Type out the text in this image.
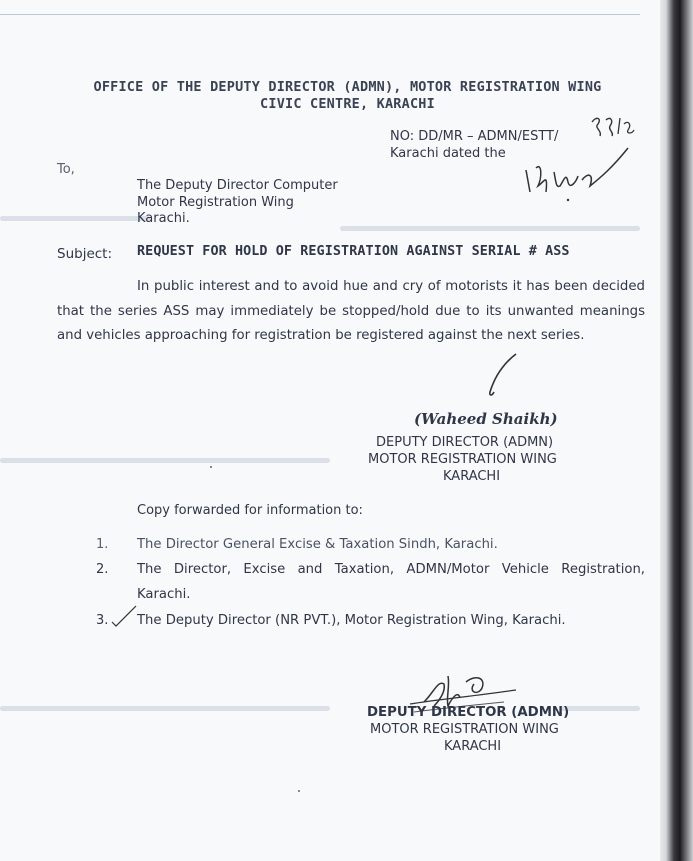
OFFICE OF THE DEPUTY DIRECTOR (ADMN), MOTOR REGISTRATION WING
CIVIC CENTRE, KARACHI
NO: DD/MR – ADMN/ESTT/
Karachi dated the
To,
The Deputy Director Computer
Motor Registration Wing
Karachi.
Subject: REQUEST FOR HOLD OF REGISTRATION AGAINST SERIAL # ASS
In public interest and to avoid hue and cry of motorists it has been decided that the series ASS may immediately be stopped/hold due to its unwanted meanings and vehicles approaching for registration be registered against the next series.
(Waheed Shaikh)
DEPUTY DIRECTOR (ADMN)
MOTOR REGISTRATION WING
KARACHI
Copy forwarded for information to:
1. The Director General Excise & Taxation Sindh, Karachi.
2. The Director, Excise and Taxation, ADMN/Motor Vehicle Registration, Karachi.
3. The Deputy Director (NR PVT.), Motor Registration Wing, Karachi.
DEPUTY DIRECTOR (ADMN)
MOTOR REGISTRATION WING
KARACHI
